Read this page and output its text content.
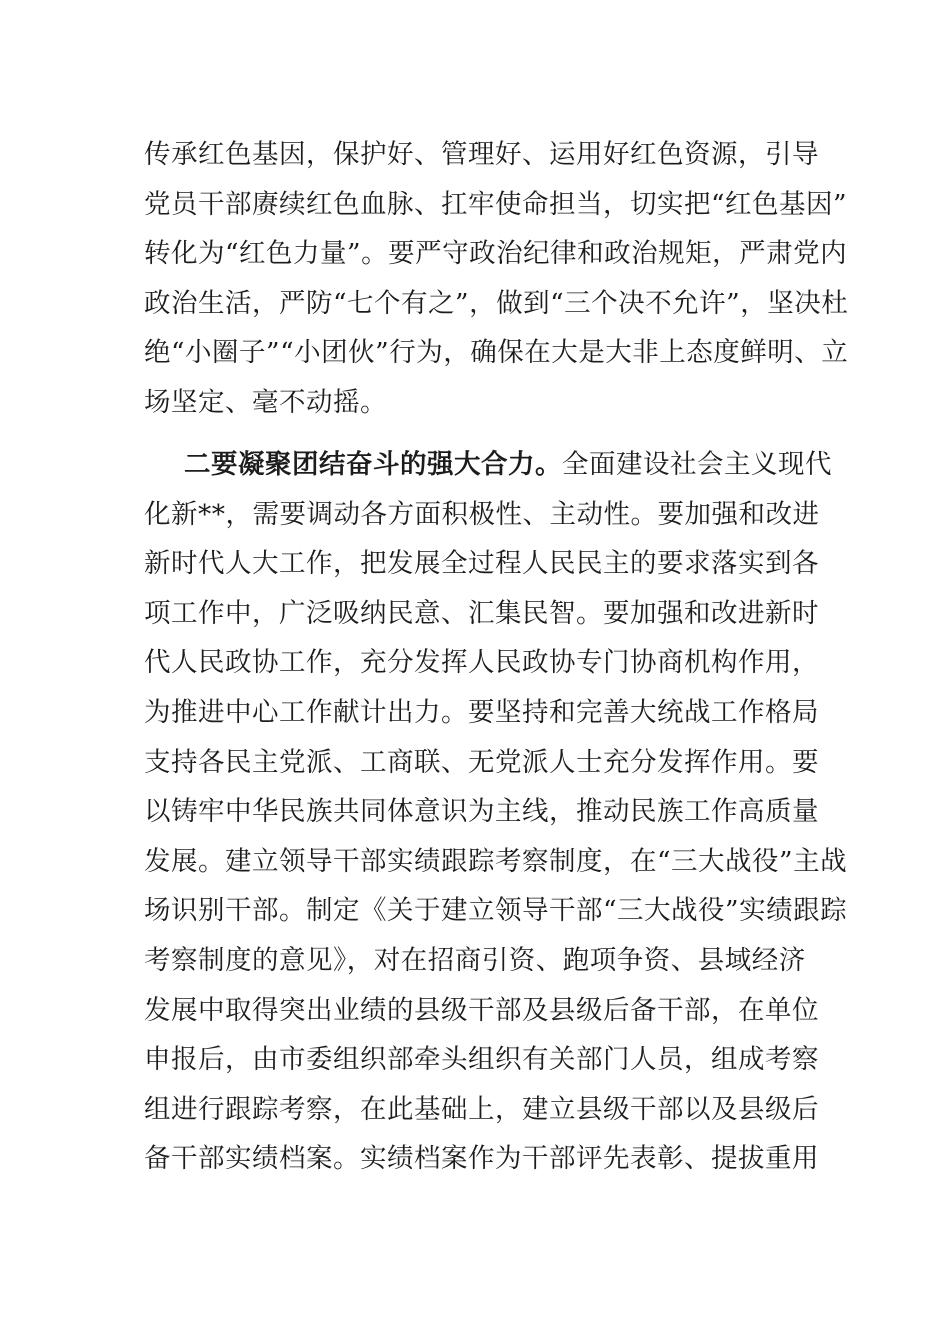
传承红色基因，保护好、管理好、运用好红色资源，引导
党员干部赓续红色血脉、扛牢使命担当，切实把“红色基因”
转化为“红色力量”。要严守政治纪律和政治规矩，严肃党内
政治生活，严防“七个有之”，做到“三个决不允许”，坚决杜
绝“小圈子”“小团伙”行为，确保在大是大非上态度鲜明、立
场坚定、毫不动摇。
二要凝聚团结奋斗的强大合力。全面建设社会主义现代
化新**，需要调动各方面积极性、主动性。要加强和改进
新时代人大工作，把发展全过程人民民主的要求落实到各
项工作中，广泛吸纳民意、汇集民智。要加强和改进新时
代人民政协工作，充分发挥人民政协专门协商机构作用，
为推进中心工作献计出力。要坚持和完善大统战工作格局
支持各民主党派、工商联、无党派人士充分发挥作用。要
以铸牢中华民族共同体意识为主线，推动民族工作高质量
发展。建立领导干部实绩跟踪考察制度，在“三大战役”主战
场识别干部。制定《关于建立领导干部“三大战役”实绩跟踪
考察制度的意见》，对在招商引资、跑项争资、县域经济
发展中取得突出业绩的县级干部及县级后备干部，在单位
申报后，由市委组织部牵头组织有关部门人员，组成考察
组进行跟踪考察，在此基础上，建立县级干部以及县级后
备干部实绩档案。实绩档案作为干部评先表彰、提拔重用
